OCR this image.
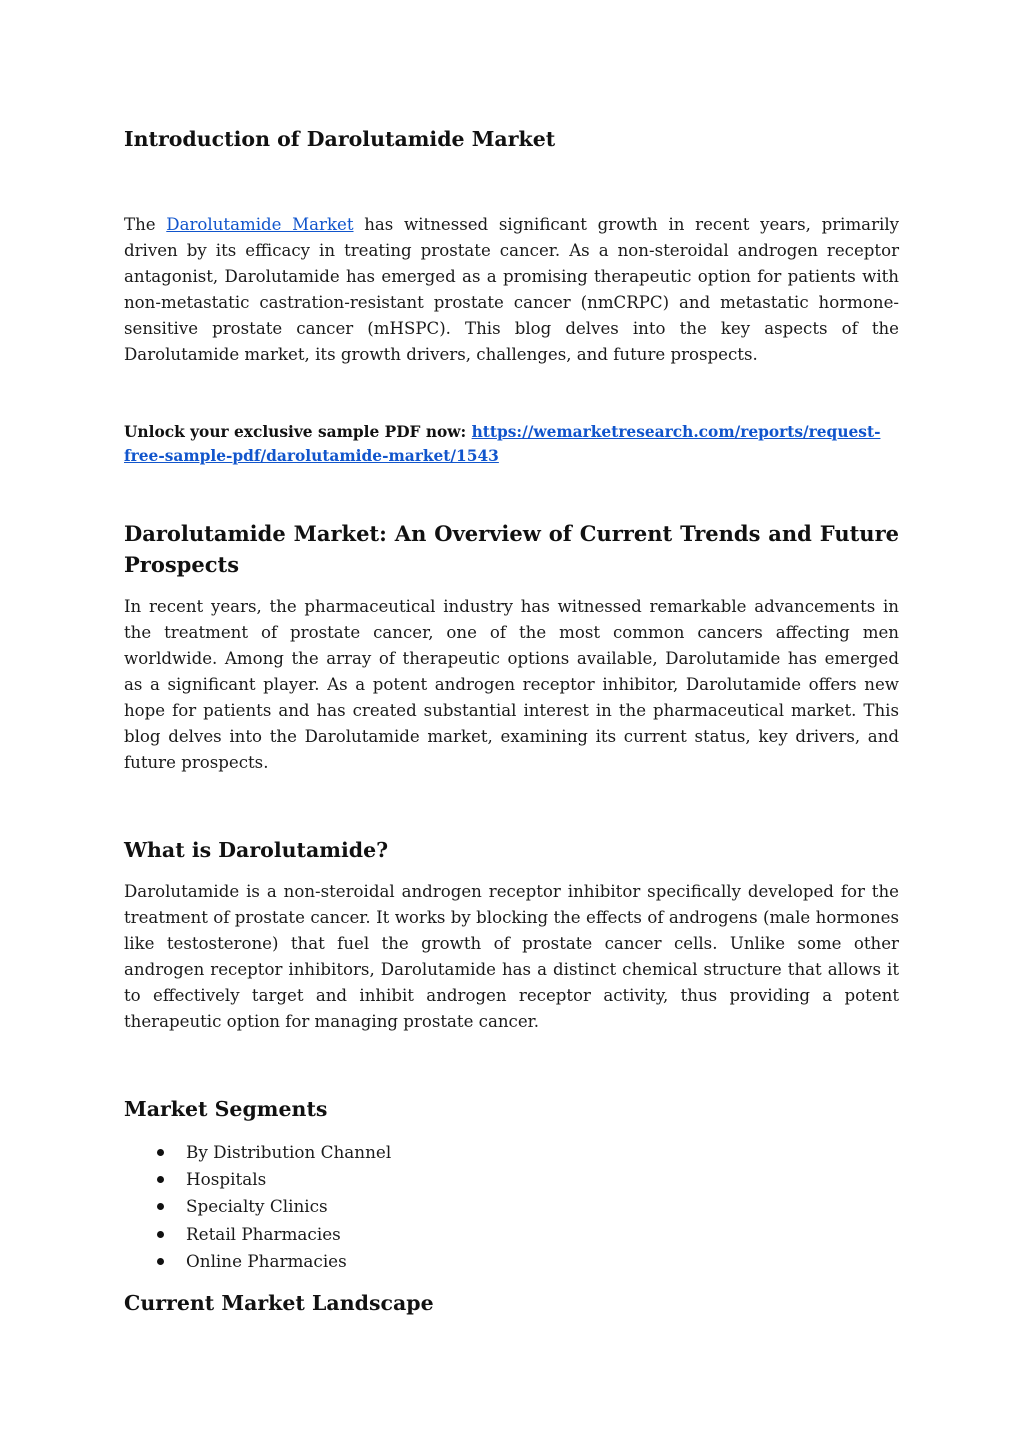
Introduction of Darolutamide Market

The Darolutamide Market has witnessed significant growth in recent years, primarily driven by its efficacy in treating prostate cancer. As a non-steroidal androgen receptor antagonist, Darolutamide has emerged as a promising therapeutic option for patients with non-metastatic castration-resistant prostate cancer (nmCRPC) and metastatic hormone-sensitive prostate cancer (mHSPC). This blog delves into the key aspects of the Darolutamide market, its growth drivers, challenges, and future prospects.

Unlock your exclusive sample PDF now: https://wemarketresearch.com/reports/request-free-sample-pdf/darolutamide-market/1543
Darolutamide Market: An Overview of Current Trends and Future Prospects

In recent years, the pharmaceutical industry has witnessed remarkable advancements in the treatment of prostate cancer, one of the most common cancers affecting men worldwide. Among the array of therapeutic options available, Darolutamide has emerged as a significant player. As a potent androgen receptor inhibitor, Darolutamide offers new hope for patients and has created substantial interest in the pharmaceutical market. This blog delves into the Darolutamide market, examining its current status, key drivers, and future prospects.

What is Darolutamide?

Darolutamide is a non-steroidal androgen receptor inhibitor specifically developed for the treatment of prostate cancer. It works by blocking the effects of androgens (male hormones like testosterone) that fuel the growth of prostate cancer cells. Unlike some other androgen receptor inhibitors, Darolutamide has a distinct chemical structure that allows it to effectively target and inhibit androgen receptor activity, thus providing a potent therapeutic option for managing prostate cancer.

Market Segments
By Distribution Channel
Hospitals
Specialty Clinics
Retail Pharmacies
Online Pharmacies
Current Market Landscape
